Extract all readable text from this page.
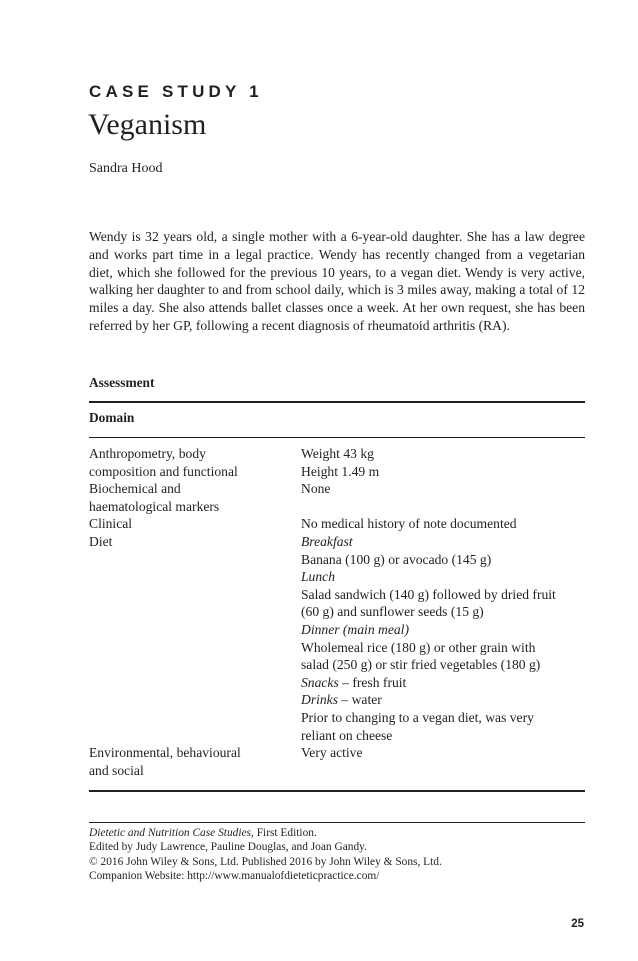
CASE STUDY 1
Veganism
Sandra Hood

Wendy is 32 years old, a single mother with a 6-year-old daughter. She has a law degree and works part time in a legal practice. Wendy has recently changed from a vegetarian diet, which she followed for the previous 10 years, to a vegan diet. Wendy is very active, walking her daughter to and from school daily, which is 3 miles away, making a total of 12 miles a day. She also attends ballet classes once a week. At her own request, she has been referred by her GP, following a recent diagnosis of rheumatoid arthritis (RA).

Assessment
Domain
Anthropometry, body
composition and functional
Weight 43 kg
Height 1.49 m
Biochemical and
haematological markers
None
Clinical	No medical history of note documented
Diet	Breakfast
Banana (100 g) or avocado (145 g)
Lunch
Salad sandwich (140 g) followed by dried fruit
(60 g) and sunflower seeds (15 g)
Dinner (main meal)
Wholemeal rice (180 g) or other grain with
salad (250 g) or stir fried vegetables (180 g)
Snacks – fresh fruit
Drinks – water
Prior to changing to a vegan diet, was very
reliant on cheese
Environmental, behavioural
and social
Very active
Dietetic and Nutrition Case Studies, First Edition.
Edited by Judy Lawrence, Pauline Douglas, and Joan Gandy.
© 2016 John Wiley & Sons, Ltd. Published 2016 by John Wiley & Sons, Ltd.
Companion Website: http://www.manualofdieteticpractice.com/
25
